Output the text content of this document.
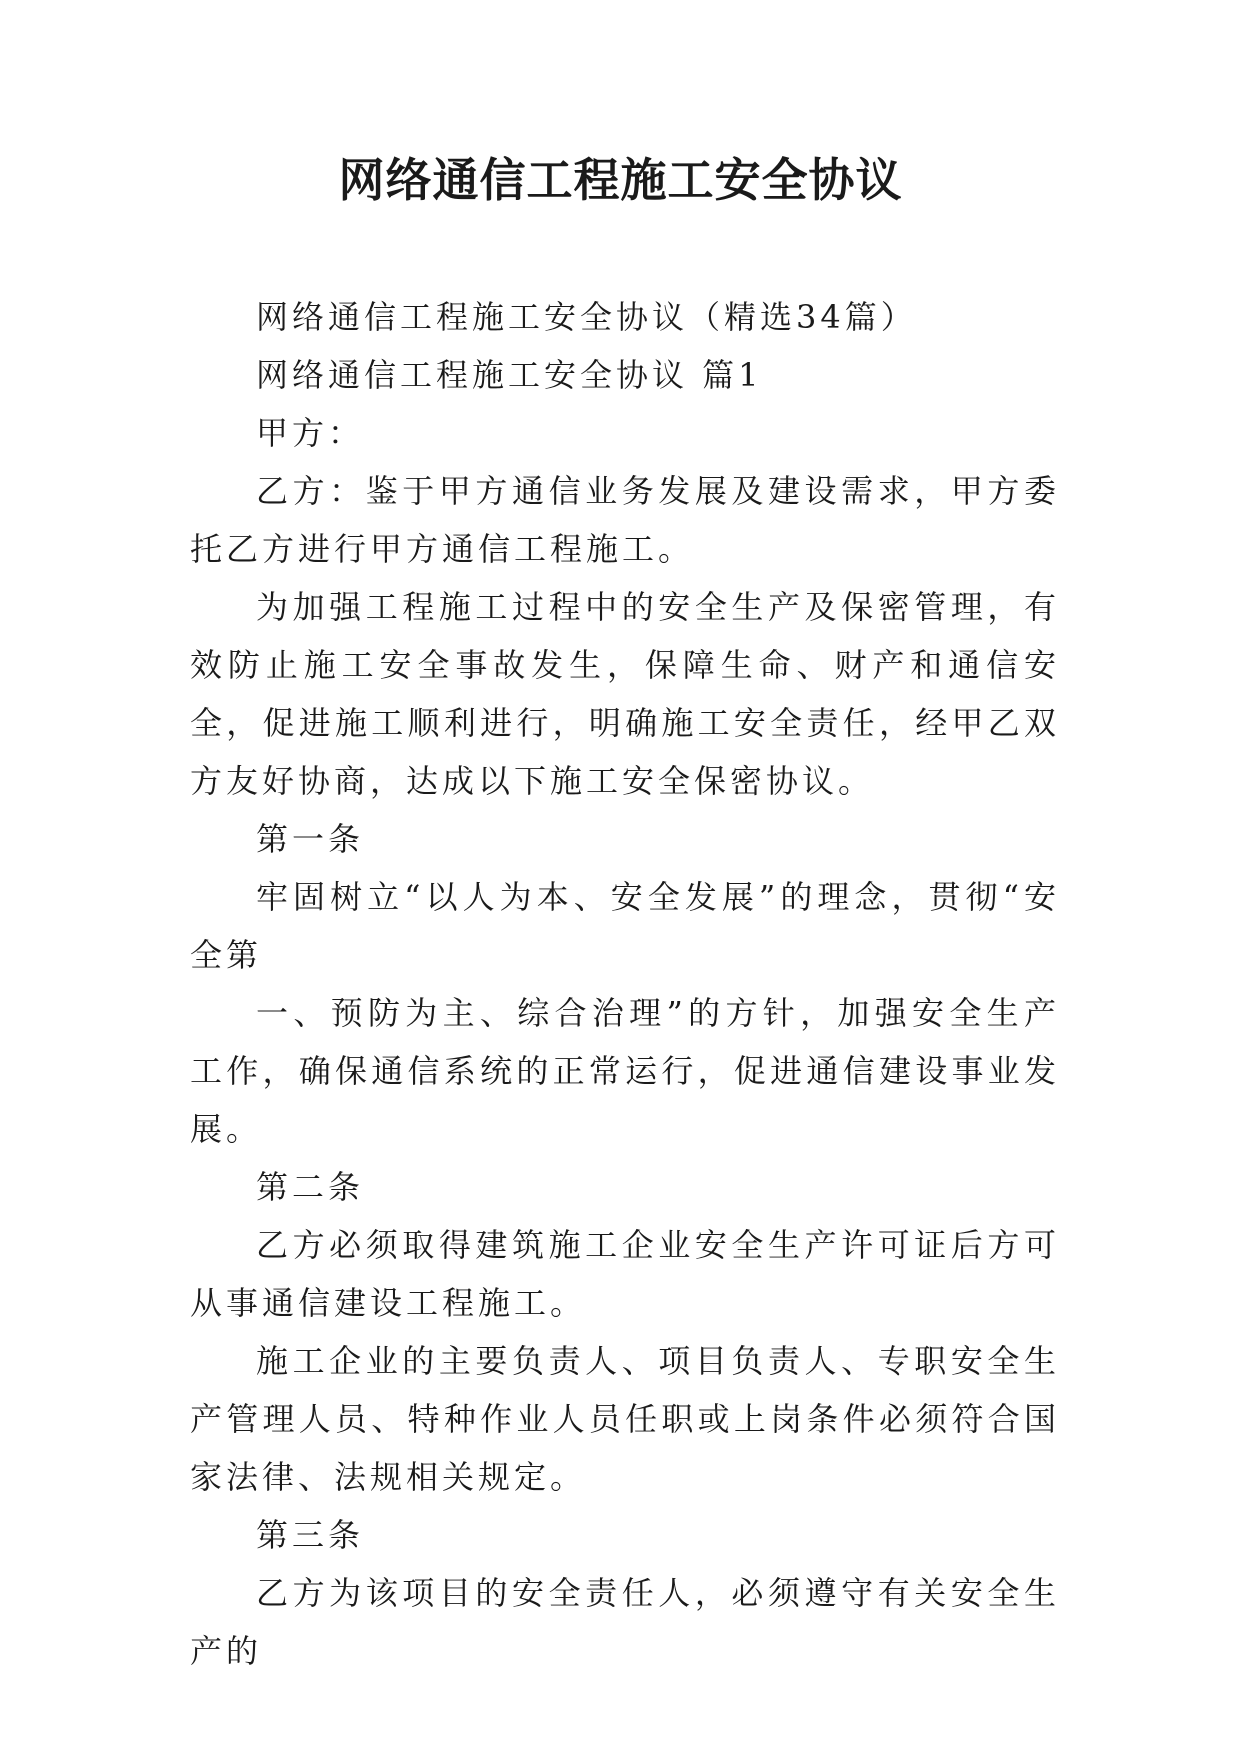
网络通信工程施工安全协议

网络通信工程施工安全协议（精选34篇）

网络通信工程施工安全协议 篇1

甲方：

乙方：鉴于甲方通信业务发展及建设需求，甲方委托乙方进行甲方通信工程施工。

为加强工程施工过程中的安全生产及保密管理，有效防止施工安全事故发生，保障生命、财产和通信安全，促进施工顺利进行，明确施工安全责任，经甲乙双方友好协商，达成以下施工安全保密协议。

第一条

牢固树立“以人为本、安全发展”的理念，贯彻“安全第

一、预防为主、综合治理”的方针，加强安全生产工作，确保通信系统的正常运行，促进通信建设事业发展。

第二条

乙方必须取得建筑施工企业安全生产许可证后方可从事通信建设工程施工。

施工企业的主要负责人、项目负责人、专职安全生产管理人员、特种作业人员任职或上岗条件必须符合国家法律、法规相关规定。

第三条

乙方为该项目的安全责任人，必须遵守有关安全生产的
